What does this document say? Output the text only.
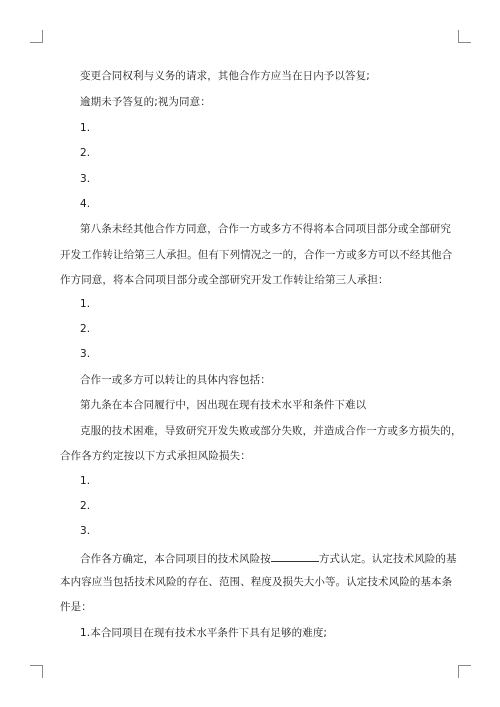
变更合同权利与义务的请求，其他合作方应当在日内予以答复;
逾期未予答复的;视为同意：
1.
2.
3.
4.
第八条未经其他合作方同意，合作一方或多方不得将本合同项目部分或全部研究
开发工作转让给第三人承担。但有下列情况之一的，合作一方或多方可以不经其他合
作方同意，将本合同项目部分或全部研究开发工作转让给第三人承担：
1.
2.
3.
合作一或多方可以转让的具体内容包括：
第九条在本合同履行中，因出现在现有技术水平和条件下难以
克服的技术困难，导致研究开发失败或部分失败，并造成合作一方或多方损失的，
合作各方约定按以下方式承担风险损失：
1.
2.
3.
合作各方确定，本合同项目的技术风险按	方式认定。认定技术风险的基
本内容应当包括技术风险的存在、范围、程度及损失大小等。认定技术风险的基本条
件是：
1.本合同项目在现有技术水平条件下具有足够的难度;
